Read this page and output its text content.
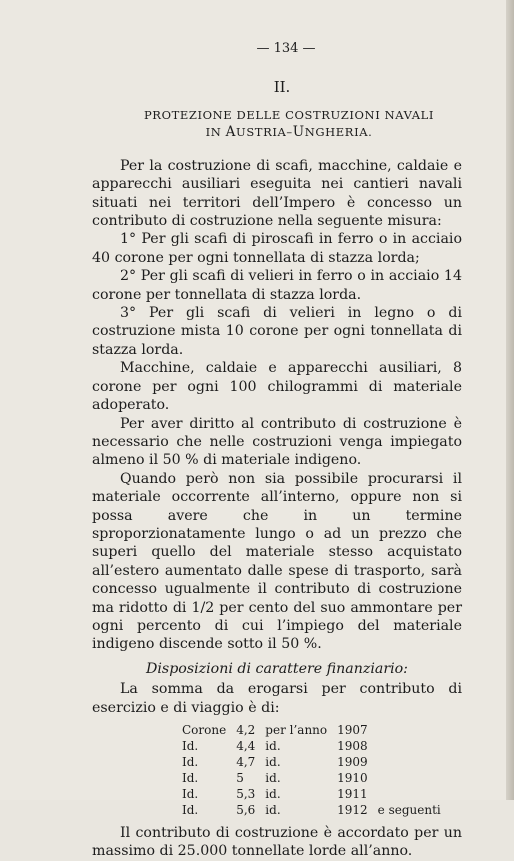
— 134 —
II.
PROTEZIONE DELLE COSTRUZIONI NAVALI
IN AUSTRIA–UNGHERIA.

Per la costruzione di scafi, macchine, caldaie e apparecchi ausiliari eseguita nei cantieri navali situati nei territori dell’Impero è concesso un contributo di costruzione nella seguente misura:

1° Per gli scafi di piroscafi in ferro o in acciaio 40 corone per ogni tonnellata di stazza lorda;

2° Per gli scafi di velieri in ferro o in acciaio 14 corone per tonnellata di stazza lorda.

3° Per gli scafi di velieri in legno o di costruzione mista 10 corone per ogni tonnellata di stazza lorda.

Macchine, caldaie e apparecchi ausiliari, 8 corone per ogni 100 chilogrammi di materiale adoperato.

Per aver diritto al contributo di costruzione è necessario che nelle costruzioni venga impiegato almeno il 50 % di materiale indigeno.

Quando però non sia possibile procurarsi il materiale occorrente all’interno, oppure non si possa avere che in un termine sproporzionatamente lungo o ad un prezzo che superi quello del materiale stesso acquistato all’estero aumentato dalle spese di trasporto, sarà concesso ugualmente il contributo di costruzione ma ridotto di 1/2 per cento del suo ammontare per ogni percento di cui l’impiego del materiale indigeno discende sotto il 50 %.

Disposizioni di carattere finanziario:

La somma da erogarsi per contributo di esercizio e di viaggio è di:

Corone	4,2	per l’anno	1907	
Id.	4,4	id.	1908	
Id.	4,7	id.	1909	
Id.	5	id.	1910	
Id.	5,3	id.	1911	
Id.	5,6	id.	1912	e seguenti

Il contributo di costruzione è accordato per un massimo di 25.000 tonnellate lorde all’anno.
